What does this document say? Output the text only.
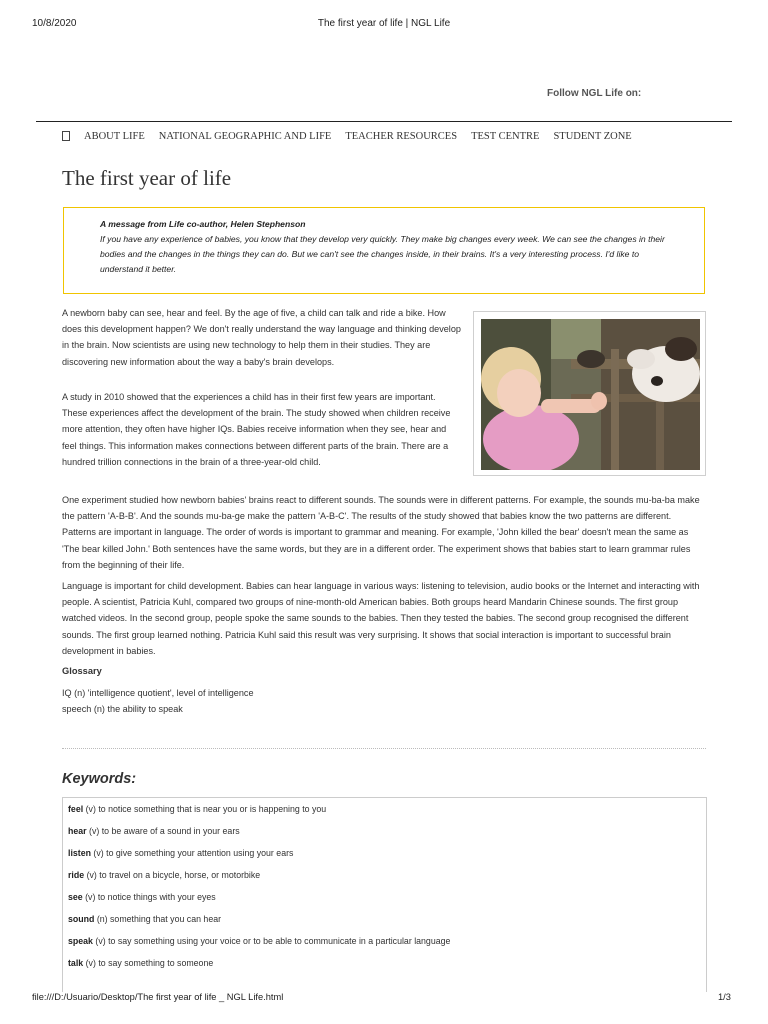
10/8/2020	The first year of life | NGL Life
Follow NGL Life on:
ABOUT LIFE NATIONAL GEOGRAPHIC AND LIFE TEACHER RESOURCES TEST CENTRE STUDENT ZONE
The first year of life
A message from Life co-author, Helen Stephenson
If you have any experience of babies, you know that they develop very quickly. They make big changes every week. We can see the changes in their bodies and the changes in the things they can do. But we can't see the changes inside, in their brains. It's a very interesting process. I'd like to understand it better.

A newborn baby can see, hear and feel. By the age of five, a child can talk and ride a bike. How does this development happen? We don't really understand the way language and thinking develop in the brain. Now scientists are using new technology to help them in their studies. They are discovering new information about the way a baby's brain develops.

A study in 2010 showed that the experiences a child has in their first few years are important. These experiences affect the development of the brain. The study showed when children receive more attention, they often have higher IQs. Babies receive information when they see, hear and feel things. This information makes connections between different parts of the brain. There are a hundred trillion connections in the brain of a three-year-old child.

One experiment studied how newborn babies' brains react to different sounds. The sounds were in different patterns. For example, the sounds mu-ba-ba make the pattern 'A-B-B'. And the sounds mu-ba-ge make the pattern 'A-B-C'. The results of the study showed that babies know the two patterns are different. Patterns are important in language. The order of words is important to grammar and meaning. For example, 'John killed the bear' doesn't mean the same as 'The bear killed John.' Both sentences have the same words, but they are in a different order. The experiment shows that babies start to learn grammar rules from the beginning of their life.

Language is important for child development. Babies can hear language in various ways: listening to television, audio books or the Internet and interacting with people. A scientist, Patricia Kuhl, compared two groups of nine-month-old American babies. Both groups heard Mandarin Chinese sounds. The first group watched videos. In the second group, people spoke the same sounds to the babies. Then they tested the babies. The second group recognised the different sounds. The first group learned nothing. Patricia Kuhl said this result was very surprising. It shows that social interaction is important to successful brain development in babies.

Glossary
IQ (n) 'intelligence quotient', level of intelligence
speech (n) the ability to speak
Keywords:
feel (v) to notice something that is near you or is happening to you
hear (v) to be aware of a sound in your ears
listen (v) to give something your attention using your ears
ride (v) to travel on a bicycle, horse, or motorbike
see (v) to notice things with your eyes
sound (n) something that you can hear
speak (v) to say something using your voice or to be able to communicate in a particular language
talk (v) to say something to someone
file:///D:/Usuario/Desktop/The first year of life _ NGL Life.html	1/3
